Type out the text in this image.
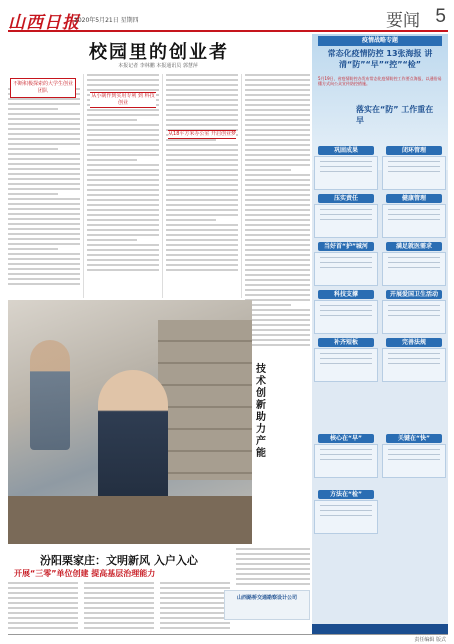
山西日报
2020年5月21日 星期四	要闻 5
校园里的创业者
本报记者 李林鹏 本报通讯员 郭慧萍
不断积极探索的大学生创业团队
从小制作到实用专利 到 科技创业
从18平方米办公室 开启创业梦
技术创新 助力产能
汾阳栗家庄：文明新风 入户入心
开展“三零”单位创建 提高基层治理能力
山西路桥交通勘察设计公司
疫情战略专题
常态化疫情防控 13张海报 讲清“防”“早”“控”“检”
5月19日，省疫情防控办发布常态化疫情防控工作要点海报，以通俗易懂方式向公众宣传防控措施。
落实在“防” 工作重在早
巩固成果	闭环管理
压实责任	健康管理
当好首“护”城河	满足就医需求
科技支撑	开展爱国卫生活动
补齐短板	完善法规
核心在“早”	关键在“快”
方法在“检”
责任编辑 版式
